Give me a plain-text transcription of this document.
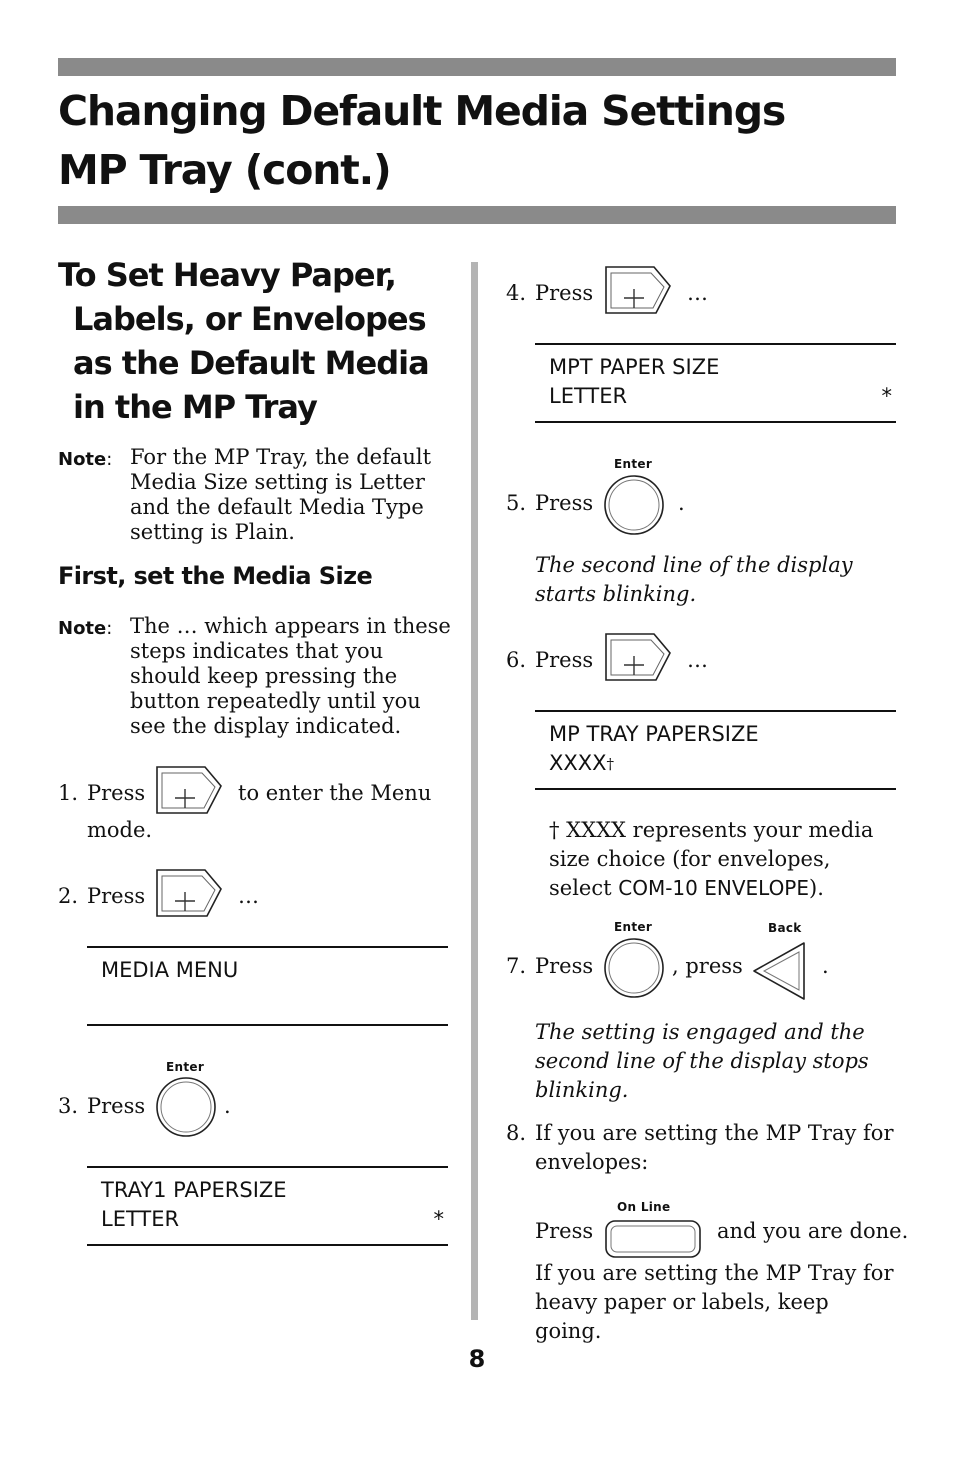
Changing Default Media Settings
MP Tray (cont.)
To Set Heavy Paper,
Labels, or Envelopes
as the Default Media
in the MP Tray
Note: For the MP Tray, the default Media Size setting is Letter and the default Media Type setting is Plain.
First, set the Media Size
Note: The … which appears in these steps indicates that you should keep pressing the button repeatedly until you see the display indicated.
1. Press	to enter the Menu
mode.
2. Press	…
MEDIA MENU
Enter
3. Press	.
TRAY1 PAPERSIZE
LETTER	*
4. Press	…
MPT PAPER SIZE
LETTER	*
Enter
5. Press	.
The second line of the display starts blinking.
6. Press	…
MP TRAY PAPERSIZE
XXXX†
† XXXX represents your media size choice (for envelopes, select COM-10 ENVELOPE).
Enter	Back
7. Press	, press	.
The setting is engaged and the second line of the display stops blinking.
8. If you are setting the MP Tray for envelopes:
On Line
Press	and you are done.
If you are setting the MP Tray for heavy paper or labels, keep going.
8
